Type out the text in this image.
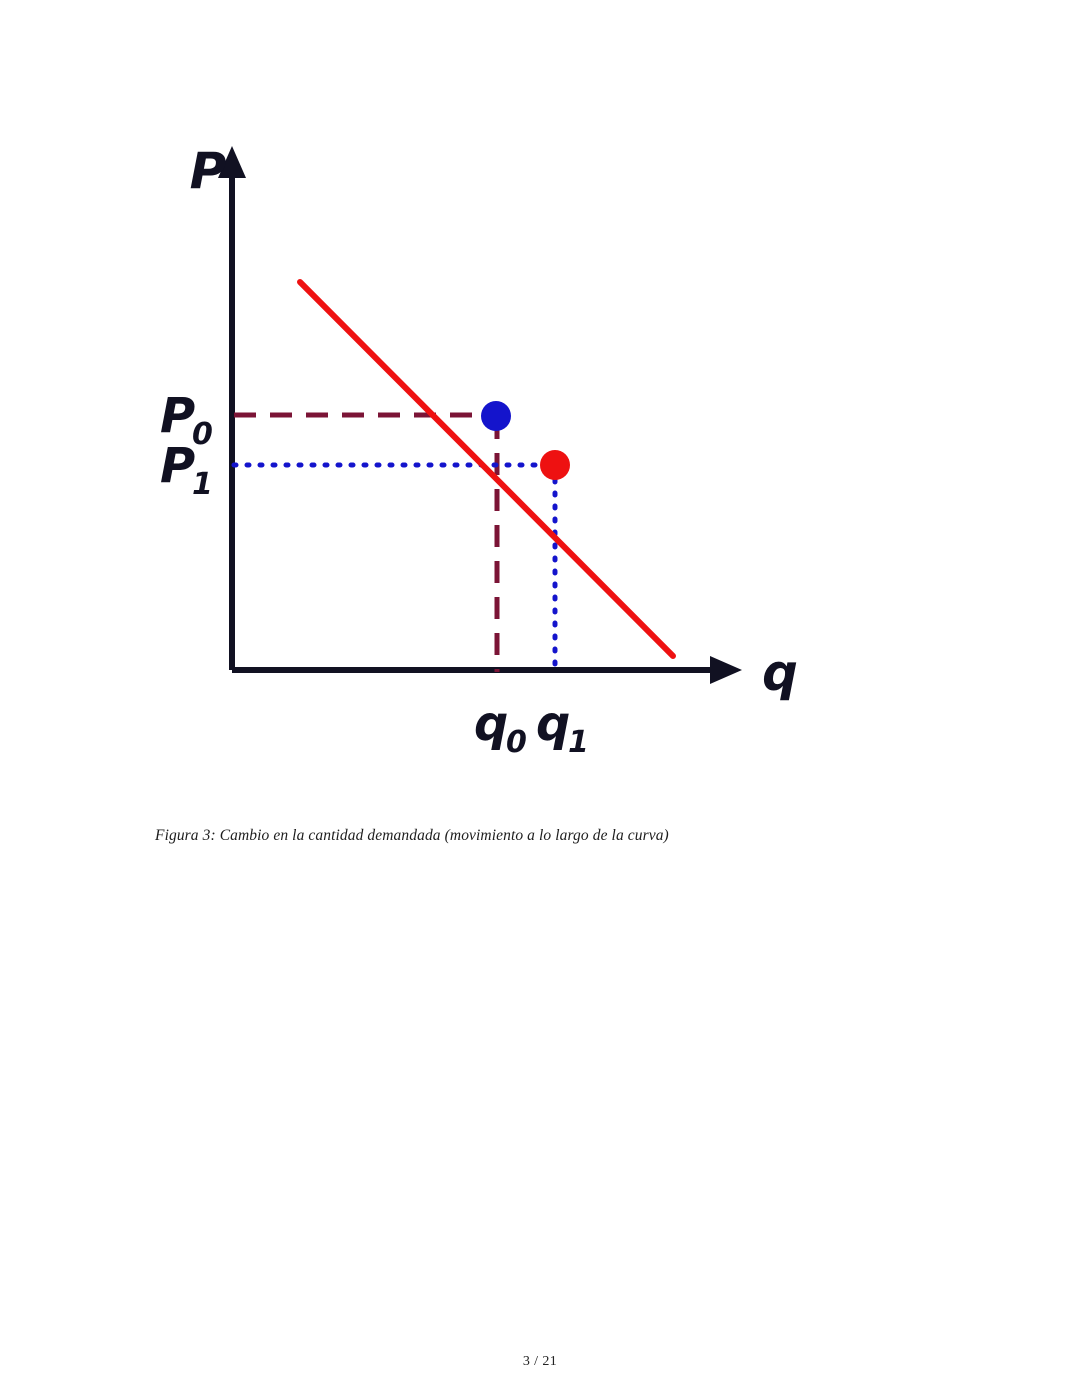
P
q
P
0
P
1
q
0 q
1
Figura 3: Cambio en la cantidad demandada (movimiento a lo largo de la curva)
3 / 21
